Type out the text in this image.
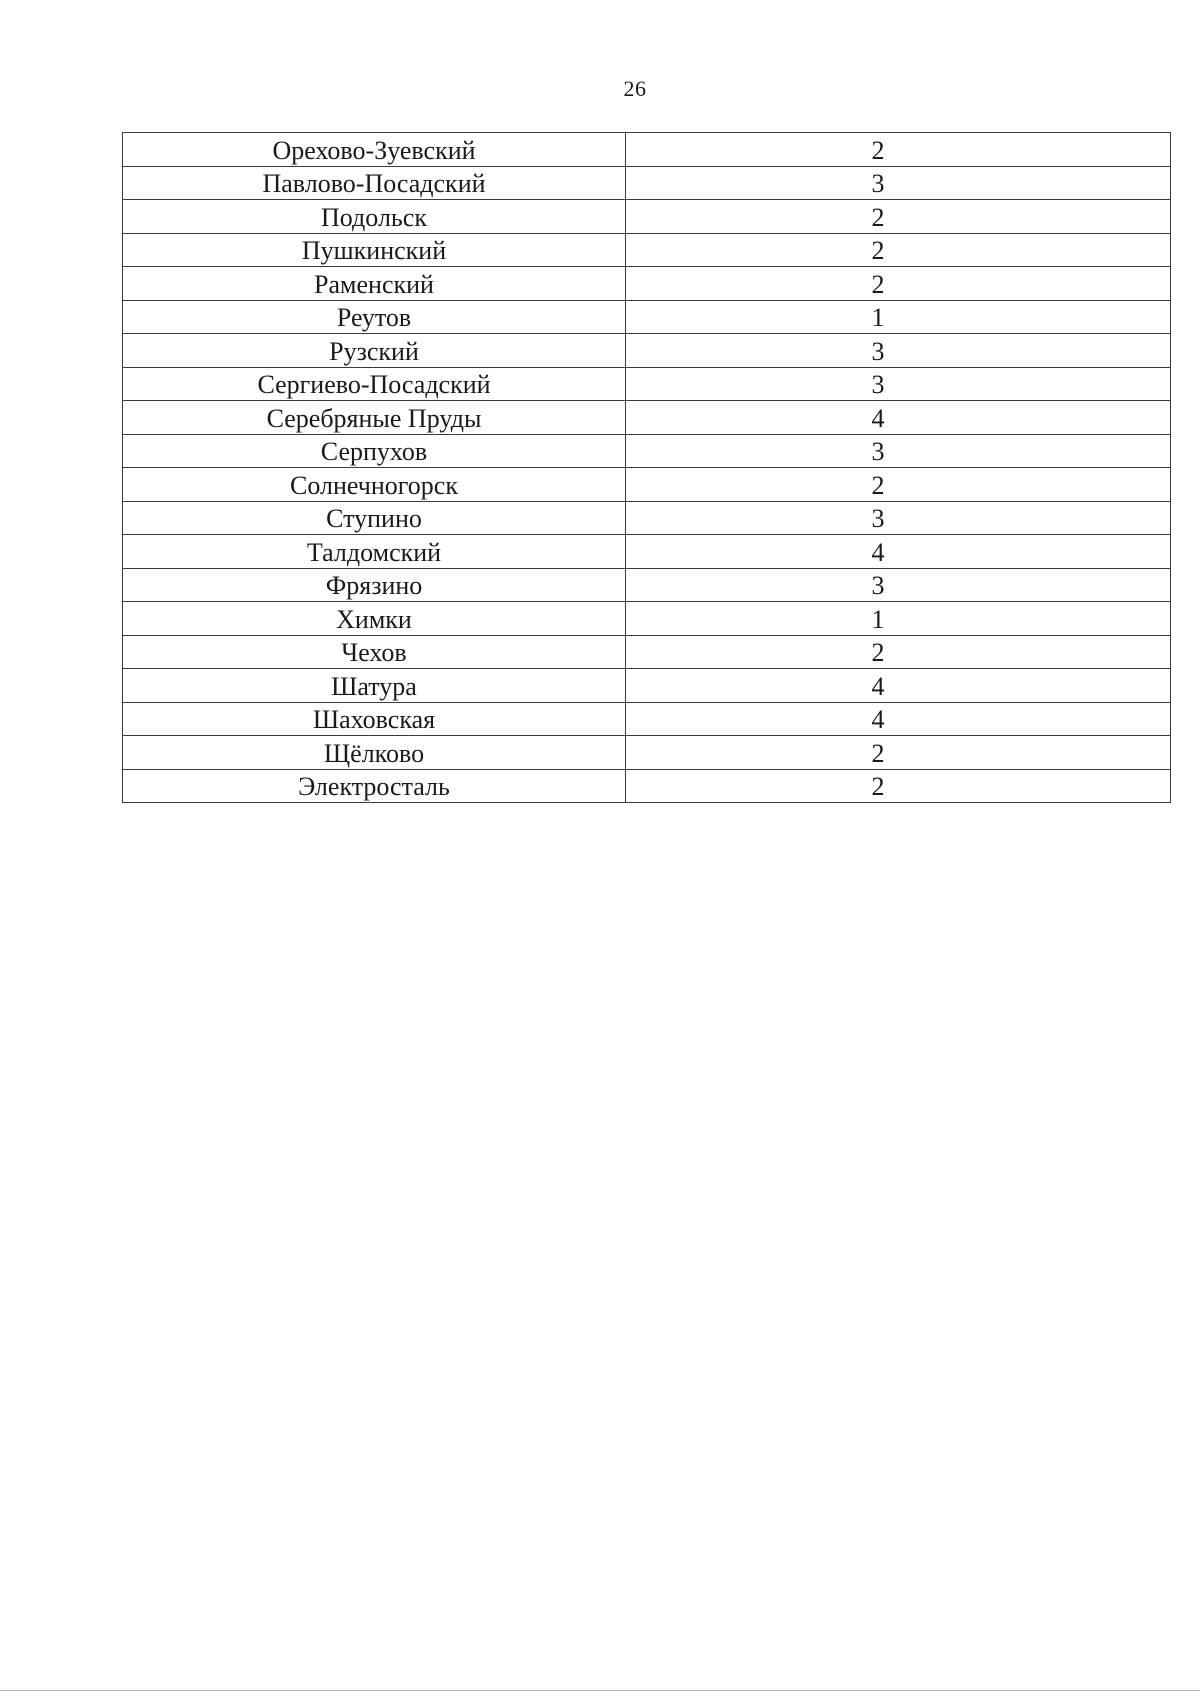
26
Орехово-Зуевский	2
Павлово-Посадский	3
Подольск	2
Пушкинский	2
Раменский	2
Реутов	1
Рузский	3
Сергиево-Посадский	3
Серебряные Пруды	4
Серпухов	3
Солнечногорск	2
Ступино	3
Талдомский	4
Фрязино	3
Химки	1
Чехов	2
Шатура	4
Шаховская	4
Щёлково	2
Электросталь	2
